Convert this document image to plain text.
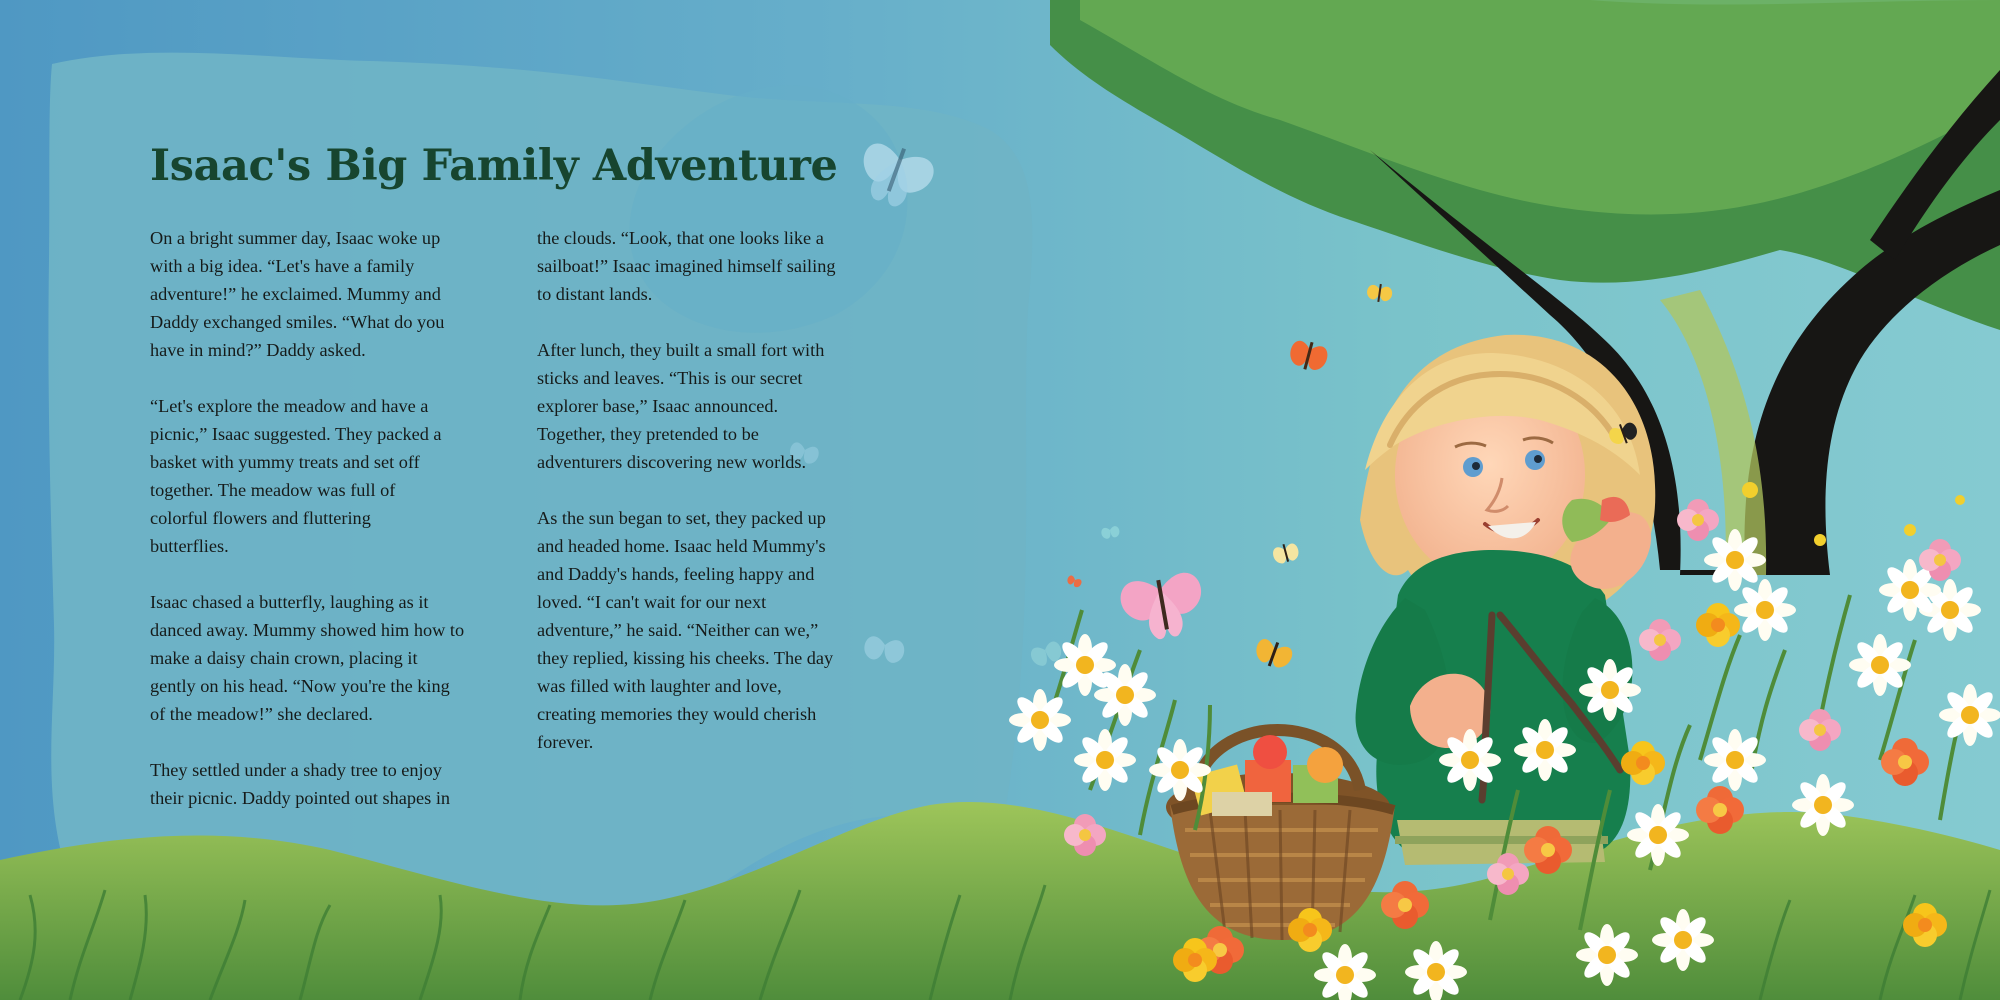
Isaac's Big Family Adventure

On a bright summer day, Isaac woke up
with a big idea. “Let's have a family
adventure!” he exclaimed. Mummy and
Daddy exchanged smiles. “What do you
have in mind?” Daddy asked.

“Let's explore the meadow and have a
picnic,” Isaac suggested. They packed a
basket with yummy treats and set off
together. The meadow was full of
colorful flowers and fluttering
butterflies.

Isaac chased a butterfly, laughing as it
danced away. Mummy showed him how to
make a daisy chain crown, placing it
gently on his head. “Now you're the king
of the meadow!” she declared.

They settled under a shady tree to enjoy
their picnic. Daddy pointed out shapes in

the clouds. “Look, that one looks like a
sailboat!” Isaac imagined himself sailing
to distant lands.

After lunch, they built a small fort with
sticks and leaves. “This is our secret
explorer base,” Isaac announced.
Together, they pretended to be
adventurers discovering new worlds.

As the sun began to set, they packed up
and headed home. Isaac held Mummy's
and Daddy's hands, feeling happy and
loved. “I can't wait for our next
adventure,” he said. “Neither can we,”
they replied, kissing his cheeks. The day
was filled with laughter and love,
creating memories they would cherish
forever.
